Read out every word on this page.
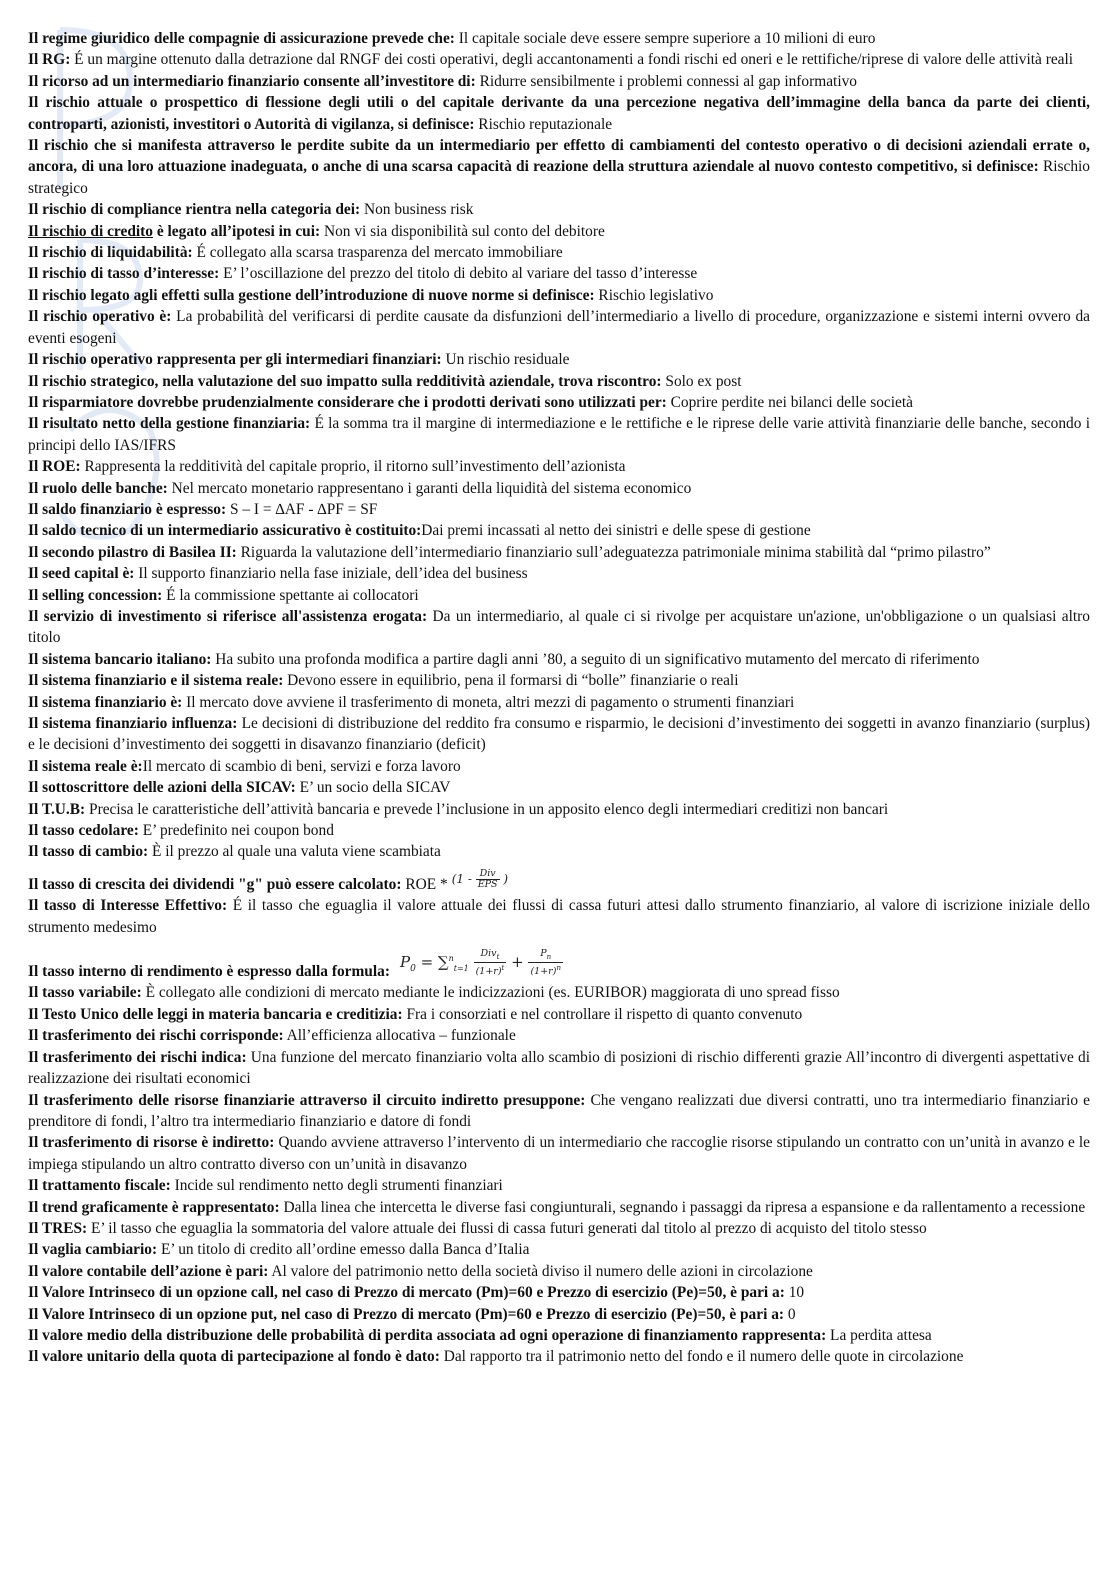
Il regime giuridico delle compagnie di assicurazione prevede che: Il capitale sociale deve essere sempre superiore a 10 milioni di euro

Il RG: É un margine ottenuto dalla detrazione dal RNGF dei costi operativi, degli accantonamenti a fondi rischi ed oneri e le rettifiche/riprese di valore delle attività reali

Il ricorso ad un intermediario finanziario consente all’investitore di: Ridurre sensibilmente i problemi connessi al gap informativo

Il rischio attuale o prospettico di flessione degli utili o del capitale derivante da una percezione negativa dell’immagine della banca da parte dei clienti, controparti, azionisti, investitori o Autorità di vigilanza, si definisce: Rischio reputazionale

Il rischio che si manifesta attraverso le perdite subite da un intermediario per effetto di cambiamenti del contesto operativo o di decisioni aziendali errate o, ancora, di una loro attuazione inadeguata, o anche di una scarsa capacità di reazione della struttura aziendale al nuovo contesto competitivo, si definisce: Rischio strategico

Il rischio di compliance rientra nella categoria dei: Non business risk

Il rischio di credito è legato all’ipotesi in cui: Non vi sia disponibilità sul conto del debitore

Il rischio di liquidabilità: É collegato alla scarsa trasparenza del mercato immobiliare

Il rischio di tasso d’interesse: E’ l’oscillazione del prezzo del titolo di debito al variare del tasso d’interesse

Il rischio legato agli effetti sulla gestione dell’introduzione di nuove norme si definisce: Rischio legislativo

Il rischio operativo è: La probabilità del verificarsi di perdite causate da disfunzioni dell’intermediario a livello di procedure, organizzazione e sistemi interni ovvero da eventi esogeni

Il rischio operativo rappresenta per gli intermediari finanziari: Un rischio residuale

Il rischio strategico, nella valutazione del suo impatto sulla redditività aziendale, trova riscontro: Solo ex post

Il risparmiatore dovrebbe prudenzialmente considerare che i prodotti derivati sono utilizzati per: Coprire perdite nei bilanci delle società

Il risultato netto della gestione finanziaria: É la somma tra il margine di intermediazione e le rettifiche e le riprese delle varie attività finanziarie delle banche, secondo i principi dello IAS/IFRS

Il ROE: Rappresenta la redditività del capitale proprio, il ritorno sull’investimento dell’azionista

Il ruolo delle banche: Nel mercato monetario rappresentano i garanti della liquidità del sistema economico

Il saldo finanziario è espresso: S – I = ∆AF - ∆PF = SF

Il saldo tecnico di un intermediario assicurativo è costituito:Dai premi incassati al netto dei sinistri e delle spese di gestione

Il secondo pilastro di Basilea II: Riguarda la valutazione dell’intermediario finanziario sull’adeguatezza patrimoniale minima stabilità dal “primo pilastro”

Il seed capital è: Il supporto finanziario nella fase iniziale, dell’idea del business

Il selling concession: É la commissione spettante ai collocatori

Il servizio di investimento si riferisce all'assistenza erogata: Da un intermediario, al quale ci si rivolge per acquistare un'azione, un'obbligazione o un qualsiasi altro titolo

Il sistema bancario italiano: Ha subito una profonda modifica a partire dagli anni ’80, a seguito di un significativo mutamento del mercato di riferimento

Il sistema finanziario e il sistema reale: Devono essere in equilibrio, pena il formarsi di “bolle” finanziarie o reali

Il sistema finanziario è: Il mercato dove avviene il trasferimento di moneta, altri mezzi di pagamento o strumenti finanziari

Il sistema finanziario influenza: Le decisioni di distribuzione del reddito fra consumo e risparmio, le decisioni d’investimento dei soggetti in avanzo finanziario (surplus) e le decisioni d’investimento dei soggetti in disavanzo finanziario (deficit)

Il sistema reale è:Il mercato di scambio di beni, servizi e forza lavoro

Il sottoscrittore delle azioni della SICAV: E’ un socio della SICAV

Il T.U.B: Precisa le caratteristiche dell’attività bancaria e prevede l’inclusione in un apposito elenco degli intermediari creditizi non bancari

Il tasso cedolare: E’ predefinito nei coupon bond

Il tasso di cambio: È il prezzo al quale una valuta viene scambiata

Il tasso di crescita dei dividendi "g" può essere calcolato: ROE * ($1 - \frac{\text{Div}}{\text{EPS}}$ )

Il tasso di Interesse Effettivo: É il tasso che eguaglia il valore attuale dei flussi di cassa futuri attesi dallo strumento finanziario, al valore di iscrizione iniziale dello strumento medesimo

Il tasso interno di rendimento è espresso dalla $formula:P_0 = \sum^n_{t=1} \frac{Div_t}{(1+r)^t} + \frac{P_n}{(1+r)^n}$

Il tasso variabile: È collegato alle condizioni di mercato mediante le indicizzazioni (es. EURIBOR) maggiorata di uno spread fisso

Il Testo Unico delle leggi in materia bancaria e creditizia: Fra i consorziati e nel controllare il rispetto di quanto convenuto

Il trasferimento dei rischi corrisponde: All’efficienza allocativa – funzionale

Il trasferimento dei rischi indica: Una funzione del mercato finanziario volta allo scambio di posizioni di rischio differenti grazie All’incontro di divergenti aspettative di realizzazione dei risultati economici

Il trasferimento delle risorse finanziarie attraverso il circuito indiretto presuppone: Che vengano realizzati due diversi contratti, uno tra intermediario finanziario e prenditore di fondi, l’altro tra intermediario finanziario e datore di fondi

Il trasferimento di risorse è indiretto: Quando avviene attraverso l’intervento di un intermediario che raccoglie risorse stipulando un contratto con un’unità in avanzo e le impiega stipulando un altro contratto diverso con un’unità in disavanzo

Il trattamento fiscale: Incide sul rendimento netto degli strumenti finanziari

Il trend graficamente è rappresentato: Dalla linea che intercetta le diverse fasi congiunturali, segnando i passaggi da ripresa a espansione e da rallentamento a recessione

Il TRES: E’ il tasso che eguaglia la sommatoria del valore attuale dei flussi di cassa futuri generati dal titolo al prezzo di acquisto del titolo stesso

Il vaglia cambiario: E’ un titolo di credito all’ordine emesso dalla Banca d’Italia

Il valore contabile dell’azione è pari: Al valore del patrimonio netto della società diviso il numero delle azioni in circolazione

Il Valore Intrinseco di un opzione call, nel caso di Prezzo di mercato (Pm)=60 e Prezzo di esercizio (Pe)=50, è pari a: 10

Il Valore Intrinseco di un opzione put, nel caso di Prezzo di mercato (Pm)=60 e Prezzo di esercizio (Pe)=50, è pari a: 0

Il valore medio della distribuzione delle probabilità di perdita associata ad ogni operazione di finanziamento rappresenta: La perdita attesa

Il valore unitario della quota di partecipazione al fondo è dato: Dal rapporto tra il patrimonio netto del fondo e il numero delle quote in circolazione
